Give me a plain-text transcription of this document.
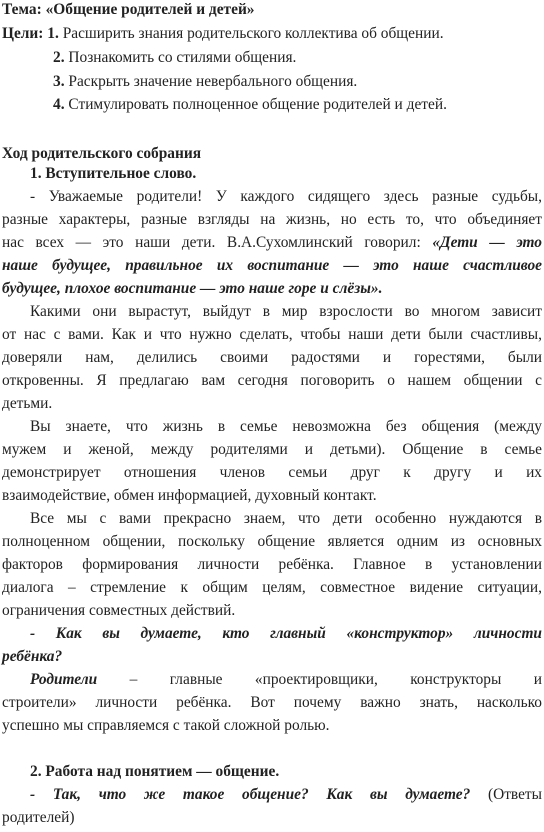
Тема: «Общение родителей и детей»
Цели: 1. Расширить знания родительского коллектива об общении.
2. Познакомить со стилями общения.
3. Раскрыть значение невербального общения.
4. Стимулировать полноценное общение родителей и детей.
Ход родительского собрания
1. Вступительное слово.
- Уважаемые родители! У каждого сидящего здесь разные судьбы,
разные характеры, разные взгляды на жизнь, но есть то, что объединяет
нас всех — это наши дети. В.А.Сухомлинский говорил: «Дети — это
наше будущее, правильное их воспитание — это наше счастливое
будущее, плохое воспитание — это наше горе и слёзы».
Какими они вырастут, выйдут в мир взрослости во многом зависит
от нас с вами. Как и что нужно сделать, чтобы наши дети были счастливы,
доверяли нам, делились своими радостями и горестями, были
откровенны. Я предлагаю вам сегодня поговорить о нашем общении с
детьми.
Вы знаете, что жизнь в семье невозможна без общения (между
мужем и женой, между родителями и детьми). Общение в семье
демонстрирует отношения членов семьи друг к другу и их
взаимодействие, обмен информацией, духовный контакт.
Все мы с вами прекрасно знаем, что дети особенно нуждаются в
полноценном общении, поскольку общение является одним из основных
факторов формирования личности ребёнка. Главное в установлении
диалога – стремление к общим целям, совместное видение ситуации,
ограничения совместных действий.
- Как вы думаете, кто главный «конструктор» личности
ребёнка?
Родители – главные «проектировщики, конструкторы и
строители» личности ребёнка. Вот почему важно знать, насколько
успешно мы справляемся с такой сложной ролью.
2. Работа над понятием — общение.
- Так, что же такое общение? Как вы думаете? (Ответы
родителей)
